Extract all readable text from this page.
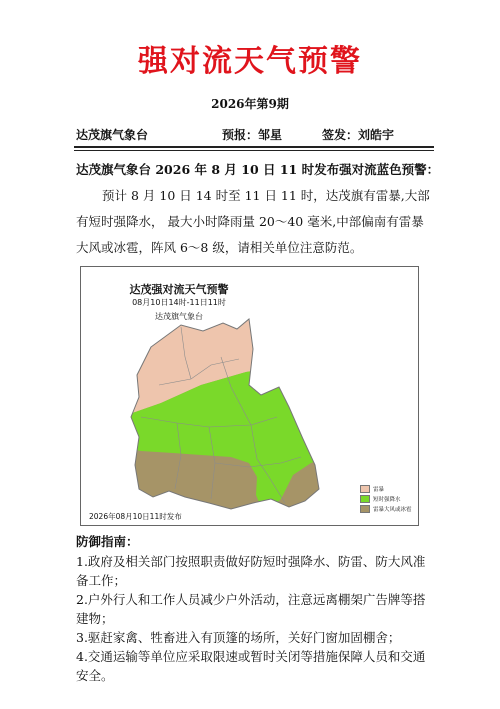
强对流天气预警
2026年第9期
达茂旗气象台	预报：邹星	签发：刘皓宇
达茂旗气象台 2026 年 8 月 10 日 11 时发布强对流蓝色预警：
预计 8 月 10 日 14 时至 11 日 11 时，达茂旗有雷暴,大部有短时强降水， 最大小时降雨量 20～40 毫米,中部偏南有雷暴大风或冰雹，阵风 6～8 级，请相关单位注意防范。
达茂强对流天气预警
08月10日14时-11日11时
达茂旗气象台
雷暴
短时强降水
雷暴大风或冰雹
2026年08月10日11时发布
防御指南：

1.政府及相关部门按照职责做好防短时强降水、防雷、防大风准备工作；

2.户外行人和工作人员减少户外活动，注意远离棚架广告牌等搭建物；

3.驱赶家禽、牲畜进入有顶篷的场所，关好门窗加固棚舍；

4.交通运输等单位应采取限速或暂时关闭等措施保障人员和交通安全。
